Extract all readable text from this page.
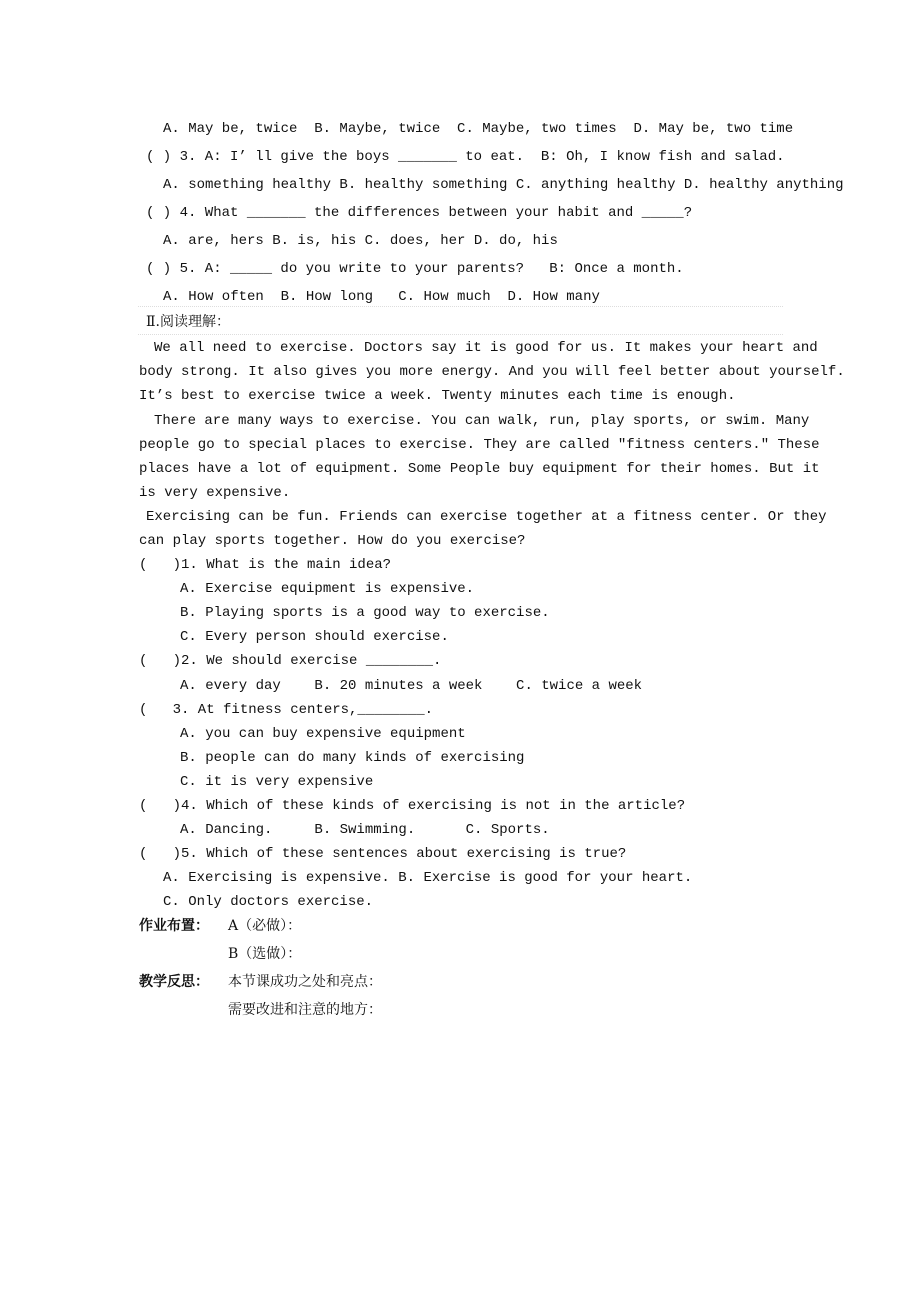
A. May be, twice  B. Maybe, twice  C. Maybe, two times  D. May be, two time
( ) 3. A: I’ ll give the boys _______ to eat.  B: Oh, I know fish and salad.
A. something healthy B. healthy something C. anything healthy D. healthy anything
( ) 4. What _______ the differences between your habit and _____?
A. are, hers B. is, his C. does, her D. do, his
( ) 5. A: _____ do you write to your parents?   B: Once a month.
A. How often  B. How long   C. How much  D. How many
We all need to exercise. Doctors say it is good for us. It makes your heart and
body strong. It also gives you more energy. And you will feel better about yourself.
It’s best to exercise twice a week. Twenty minutes each time is enough.
There are many ways to exercise. You can walk, run, play sports, or swim. Many
people go to special places to exercise. They are called "fitness centers." These
places have a lot of equipment. Some People buy equipment for their homes. But it
is very expensive.
Exercising can be fun. Friends can exercise together at a fitness center. Or they
can play sports together. How do you exercise?
(   )1. What is the main idea?
A. Exercise equipment is expensive.
B. Playing sports is a good way to exercise.
C. Every person should exercise.
(   )2. We should exercise ________.
A. every day    B. 20 minutes a week    C. twice a week
(   3. At fitness centers,________.
A. you can buy expensive equipment
B. people can do many kinds of exercising
C. it is very expensive
(   )4. Which of these kinds of exercising is not in the article?
A. Dancing.     B. Swimming.      C. Sports.
(   )5. Which of these sentences about exercising is true?
A. Exercising is expensive. B. Exercise is good for your heart.
C. Only doctors exercise.
Ⅱ.阅读理解：
作业布置： A（必做）：
B（选做）：
教学反思： 本节课成功之处和亮点：
需要改进和注意的地方：
